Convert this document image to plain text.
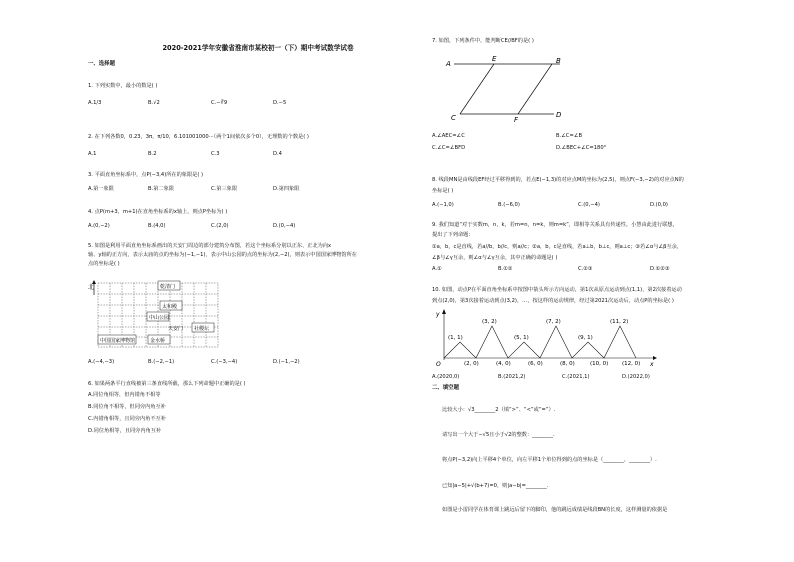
2020-2021学年安徽省淮南市某校初一（下）期中考试数学试卷
一、选择题
1. 下列实数中，最小的数是( )
A.1/3	B.√2	C.−∛9	D.−5
2. 在下列各数0，0.23，3π，π/10，6.101001000···（两个1间依次多个0），无理数的个数是( )
A.1	B.2	C.3	D.4
3. 平面直角坐标系中，点P(−3,4)所在的象限是( )
A.第一象限	B.第二象限	C.第三象限	D.第四象限
4. 点P(m+3，m+1)在直角坐标系的x轴上，则点P坐标为( )
A.(0,−2)	B.(4,0)	C.(2,0)	D.(0,−4)
5. 如图是利用平面直角坐标系画出的天安门周边的部分建筑分布图，若这个坐标系分别以正东、正北为向x
轴、y轴的正方向，表示太庙的点的坐标为(−1,−1)，表示中山公园的点的坐标为(2,−2)，则表示中国国家博物馆所在
点的坐标是( )
北	乾清门
太和殿
中山公园
社稷坛
天安门
中国国家博物馆	金水桥
A.(−4,−3)	B.(−2,−1)	C.(−3,−4)	D.(−1,−2)
6. 如果两条平行直线被第三条直线所截，那么下列命题中正确的是( )
A.同位角相等，但内错角不相等
B.同位角不相等，但同旁内角互补
C.内错角相等，且同旁内角不互补
D.同位角相等，且同旁内角互补
7. 如图，下列条件中，能判断CE//BF的是( )
A	B
C	D
E
F
A.∠AEC=∠C	B.∠C=∠B
C.∠C=∠BFD	D.∠BEC+∠C=180°
8. 线段MN是由线段EF经过平移得到的，若点E(−1,3)的对应点M的坐标为(2,5)，则点F(−3,−2)的对应点N的
坐标是( )
A.(−1,0)	B.(−6,0)	C.(0,−4)	D.(0,0)
9. 我们知道“对于实数m，n，k，若m=n，n=k，则m=k”，即相等关系具有传递性。小慧由此进行联想，
提出了下列命题：
①a，b，c是直线，若a//b，b//c，则a//c；②a，b，c是直线，若a⊥b，b⊥c，则a⊥c；③若∠α与∠β互余，
∠β与∠γ互余，则∠α与∠γ互余，其中正确的命题是( )
A.①	B.①②	C.②③	D.①②③
10. 如图，动点P在平面直角坐标系中按图中箭头所示方向运动，第1次从原点运动到点(1,1)，第2次接着运动
到点(2,0)，第3次接着运动到点(3,2)，…，按这样的运动规律，经过第2021次运动后，动点P的坐标是( )
y
x
O
(1, 1)
(3, 2)
(5, 1)
(7, 2)
(9, 1)
(11, 2)
(2, 0)	(4, 0)	(6, 0)	(8, 0)	(10, 0) (12, 0)
A.(2020,0)	B.(2021,2)	C.(2021,1)	D.(2022,0)
二、填空题
比较大小：√3________2（填“>”、“<”或“=”）.
请写出一个大于−√5且小于√2的整数：________.
将点P(−3,2)向上平移4个单位，向左平移1个单位得到的点的坐标是（________，________）.
已知|a−5|+√(b+7)=0，则|a−b|=________.
如图是小雷同学在体育课上跳远后留下的脚印，他的跳远成绩是线段BN的长度，这样测量的依据是
